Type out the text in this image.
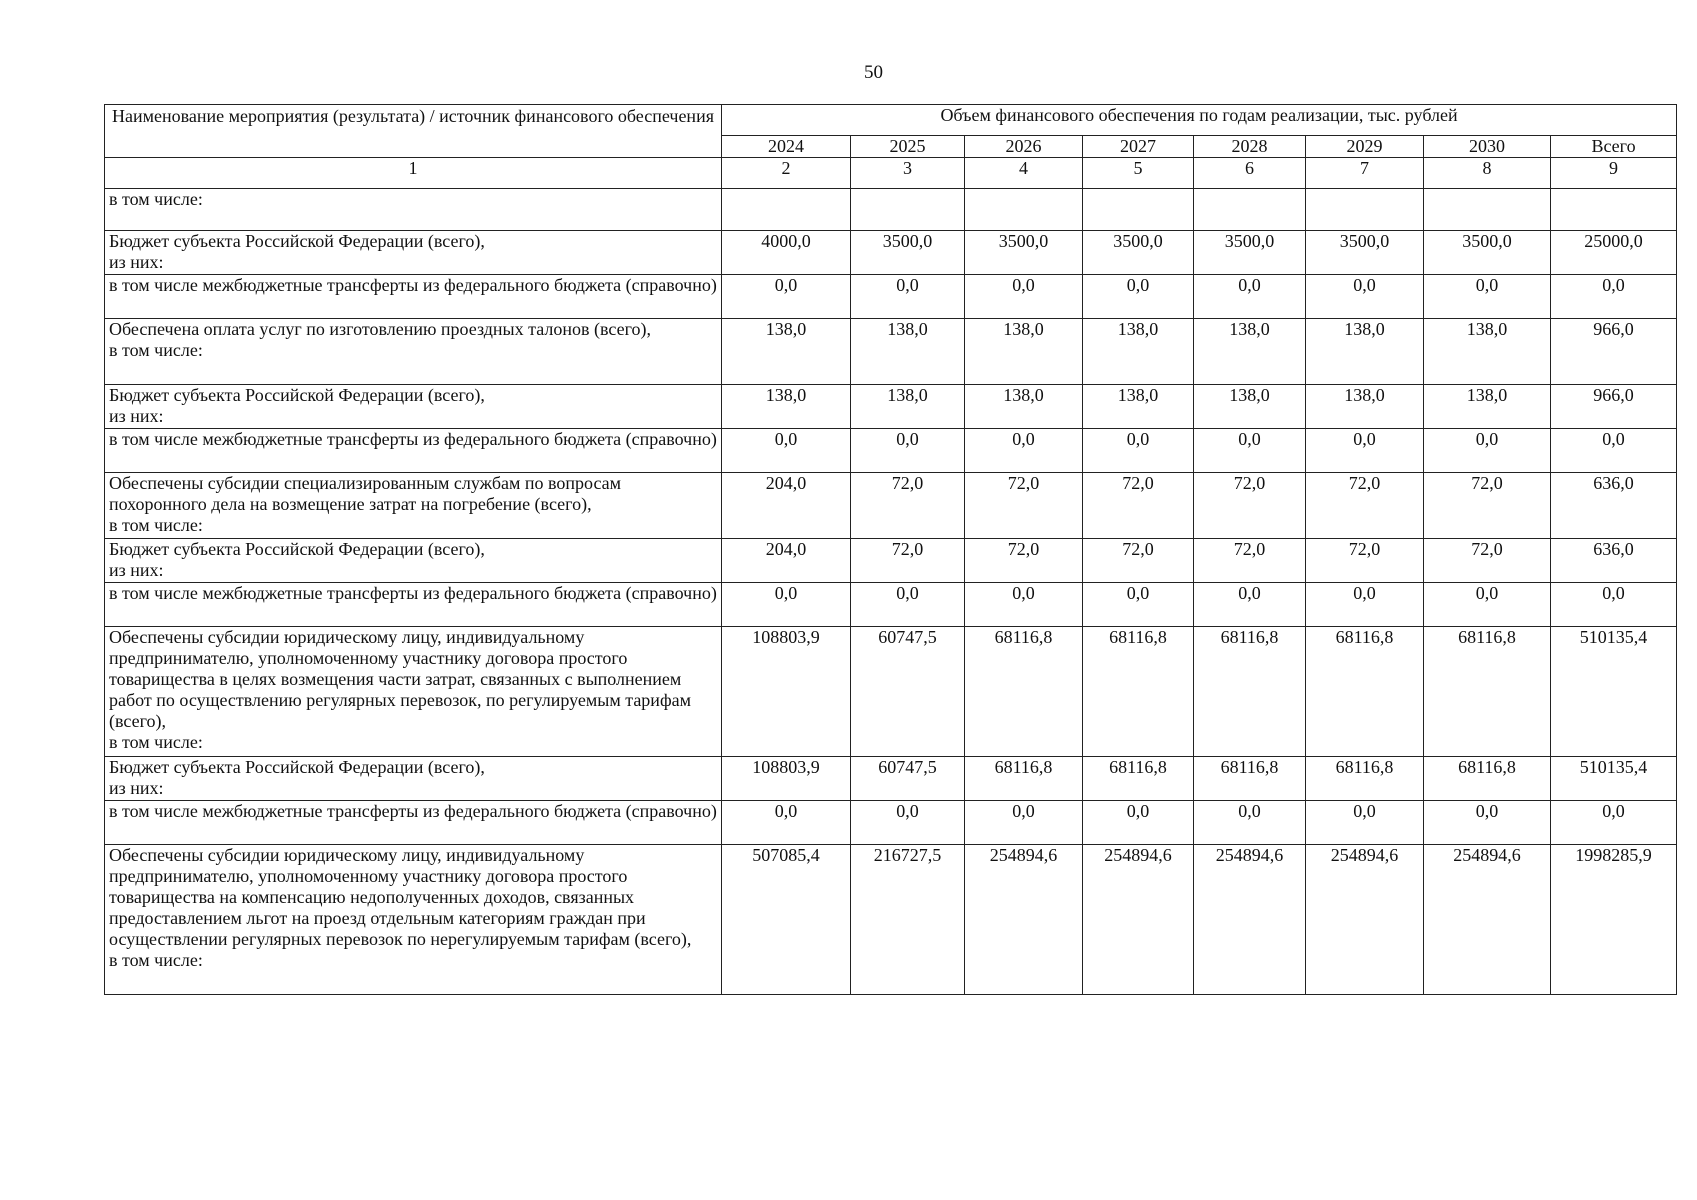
50
Наименование мероприятия (результата) / источник финансового обеспечения	Объем финансового обеспечения по годам реализации, тыс. рублей							
	2024	2025	2026	2027	2028	2029	2030	Всего
1	2	3	4	5	6	7	8	9
в том числе:								
Бюджет субъекта Российской Федерации (всего),
из них:	4000,0	3500,0	3500,0	3500,0	3500,0	3500,0	3500,0	25000,0
в том числе межбюджетные трансферты из федерального бюджета (справочно)	0,0	0,0	0,0	0,0	0,0	0,0	0,0	0,0
Обеспечена оплата услуг по изготовлению проездных талонов (всего),
в том числе:	138,0	138,0	138,0	138,0	138,0	138,0	138,0	966,0
Бюджет субъекта Российской Федерации (всего),
из них:	138,0	138,0	138,0	138,0	138,0	138,0	138,0	966,0
в том числе межбюджетные трансферты из федерального бюджета (справочно)	0,0	0,0	0,0	0,0	0,0	0,0	0,0	0,0
Обеспечены субсидии специализированным службам по вопросам похоронного дела на возмещение затрат на погребение (всего),
в том числе:	204,0	72,0	72,0	72,0	72,0	72,0	72,0	636,0
Бюджет субъекта Российской Федерации (всего),
из них:	204,0	72,0	72,0	72,0	72,0	72,0	72,0	636,0
в том числе межбюджетные трансферты из федерального бюджета (справочно)	0,0	0,0	0,0	0,0	0,0	0,0	0,0	0,0
Обеспечены субсидии юридическому лицу, индивидуальному предпринимателю, уполномоченному участнику договора простого товарищества в целях возмещения части затрат, связанных с выполнением работ по осуществлению регулярных перевозок, по регулируемым тарифам (всего),
в том числе:	108803,9	60747,5	68116,8	68116,8	68116,8	68116,8	68116,8	510135,4
Бюджет субъекта Российской Федерации (всего),
из них:	108803,9	60747,5	68116,8	68116,8	68116,8	68116,8	68116,8	510135,4
в том числе межбюджетные трансферты из федерального бюджета (справочно)	0,0	0,0	0,0	0,0	0,0	0,0	0,0	0,0
Обеспечены субсидии юридическому лицу, индивидуальному предпринимателю, уполномоченному участнику договора простого товарищества на компенсацию недополученных доходов, связанных предоставлением льгот на проезд отдельным категориям граждан при осуществлении регулярных перевозок по нерегулируемым тарифам (всего),
в том числе:	507085,4	216727,5	254894,6	254894,6	254894,6	254894,6	254894,6	1998285,9
